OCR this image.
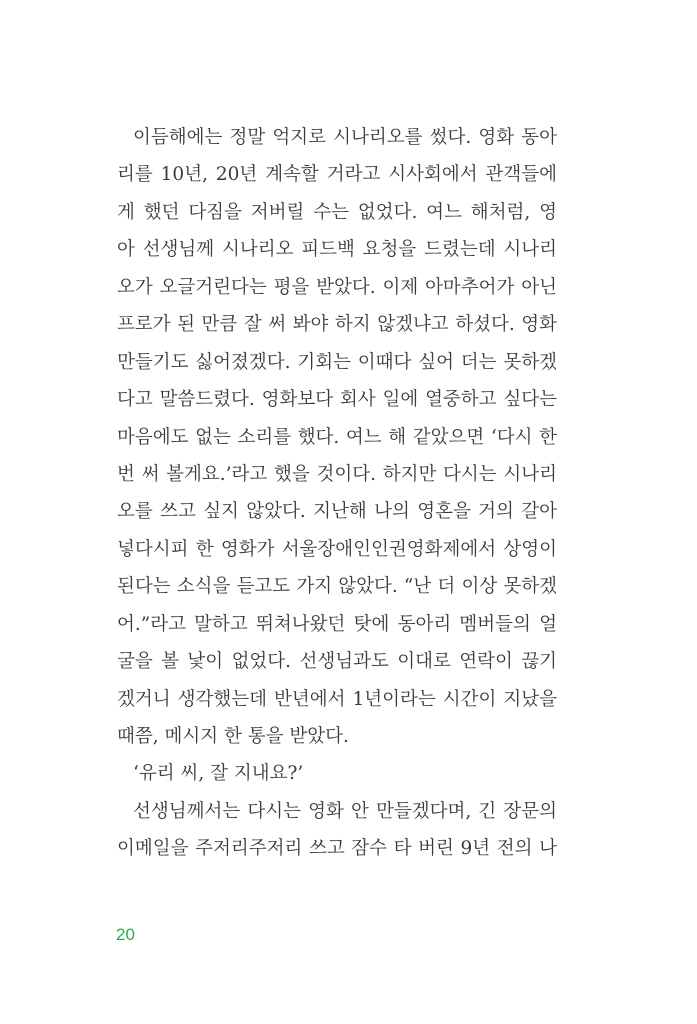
이듬해에는 정말 억지로 시나리오를 썼다. 영화 동아
리를 10년, 20년 계속할 거라고 시사회에서 관객들에
게 했던 다짐을 저버릴 수는 없었다. 여느 해처럼, 영
아 선생님께 시나리오 피드백 요청을 드렸는데 시나리
오가 오글거린다는 평을 받았다. 이제 아마추어가 아닌
프로가 된 만큼 잘 써 봐야 하지 않겠냐고 하셨다. 영화
만들기도 싫어졌겠다. 기회는 이때다 싶어 더는 못하겠
다고 말씀드렸다. 영화보다 회사 일에 열중하고 싶다는
마음에도 없는 소리를 했다. 여느 해 같았으면 ‘다시 한
번 써 볼게요.’라고 했을 것이다. 하지만 다시는 시나리
오를 쓰고 싶지 않았다. 지난해 나의 영혼을 거의 갈아
넣다시피 한 영화가 서울장애인인권영화제에서 상영이
된다는 소식을 듣고도 가지 않았다. “난 더 이상 못하겠
어.”라고 말하고 뛰쳐나왔던 탓에 동아리 멤버들의 얼
굴을 볼 낯이 없었다. 선생님과도 이대로 연락이 끊기
겠거니 생각했는데 반년에서 1년이라는 시간이 지났을
때쯤, 메시지 한 통을 받았다.
‘유리 씨, 잘 지내요?’
선생님께서는 다시는 영화 안 만들겠다며, 긴 장문의
이메일을 주저리주저리 쓰고 잠수 타 버린 9년 전의 나
20
